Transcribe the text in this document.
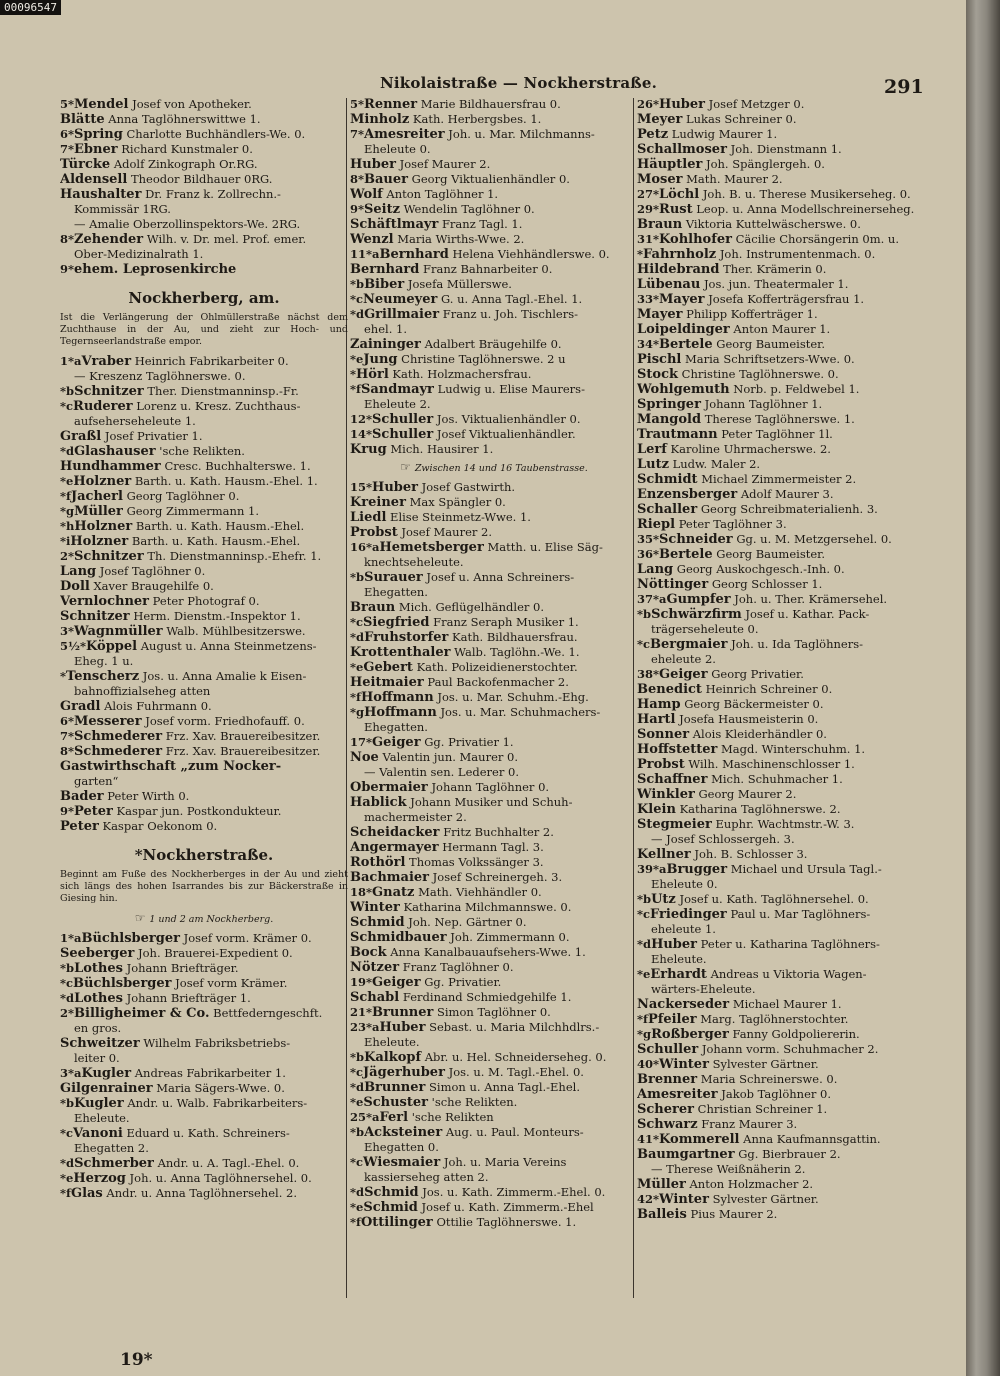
00096547
Nikolaistraße — Nockherstraße.	291
5*Mendel Josef von Apotheker.
Blätte Anna Taglöhnerswittwe 1.
6*Spring Charlotte Buchhändlers-We. 0.
7*Ebner Richard Kunstmaler 0.
Türcke Adolf Zinkograph Or.RG.
Aldensell Theodor Bildhauer 0RG.
Haushalter Dr. Franz k. Zollrechn.-
Kommissär 1RG.
— Amalie Oberzollinspektors-We. 2RG.
8*Zehender Wilh. v. Dr. mel. Prof. emer.
Ober-Medizinalrath 1.
9*ehem. Leprosenkirche
Nockherberg, am.
Ist die Verlängerung der Ohlmüllerstraße nächst dem Zuchthause in der Au, und zieht zur Hoch- und Tegernseerlandstraße empor.
1*aVraber Heinrich Fabrikarbeiter 0.
— Kreszenz Taglöhnerswe. 0.
*bSchnitzer Ther. Dienstmanninsp.-Fr.
*cRuderer Lorenz u. Kresz. Zuchthaus-
aufseherseheleute 1.
Graßl Josef Privatier 1.
*dGlashauser 'sche Relikten.
Hundhammer Cresc. Buchhalterswe. 1.
*eHolzner Barth. u. Kath. Hausm.-Ehel. 1.
*fJacherl Georg Taglöhner 0.
*gMüller Georg Zimmermann 1.
*hHolzner Barth. u. Kath. Hausm.-Ehel.
*iHolzner Barth. u. Kath. Hausm.-Ehel.
2*Schnitzer Th. Dienstmanninsp.-Ehefr. 1.
Lang Josef Taglöhner 0.
Doll Xaver Braugehilfe 0.
Vernlochner Peter Photograf 0.
Schnitzer Herm. Dienstm.-Inspektor 1.
3*Wagnmüller Walb. Mühlbesitzerswe.
5½*Köppel August u. Anna Steinmetzens-
Eheg. 1 u.
*Tenscherz Jos. u. Anna Amalie k Eisen-
bahnoffizialseheg atten
Gradl Alois Fuhrmann 0.
6*Messerer Josef vorm. Friedhofauff. 0.
7*Schmederer Frz. Xav. Brauereibesitzer.
8*Schmederer Frz. Xav. Brauereibesitzer.
Gastwirthschaft „zum Nocker-
garten“
Bader Peter Wirth 0.
9*Peter Kaspar jun. Postkondukteur.
Peter Kaspar Oekonom 0.
*Nockherstraße.
Beginnt am Fuße des Nockherberges in der Au und zieht sich längs des hohen Isarrandes bis zur Bäckerstraße in Giesing hin.
☞ 1 und 2 am Nockherberg.
1*aBüchlsberger Josef vorm. Krämer 0.
Seeberger Joh. Brauerei-Expedient 0.
*bLothes Johann Briefträger.
*cBüchlsberger Josef vorm Krämer.
*dLothes Johann Briefträger 1.
2*Billigheimer & Co. Bettfederngeschft.
en gros.
Schweitzer Wilhelm Fabriksbetriebs-
leiter 0.
3*aKugler Andreas Fabrikarbeiter 1.
Gilgenrainer Maria Sägers-Wwe. 0.
*bKugler Andr. u. Walb. Fabrikarbeiters-
Eheleute.
*cVanoni Eduard u. Kath. Schreiners-
Ehegatten 2.
*dSchmerber Andr. u. A. Tagl.-Ehel. 0.
*eHerzog Joh. u. Anna Taglöhnersehel. 0.
*fGlas Andr. u. Anna Taglöhnersehel. 2.
5*Renner Marie Bildhauersfrau 0.
Minholz Kath. Herbergsbes. 1.
7*Amesreiter Joh. u. Mar. Milchmanns-
Eheleute 0.
Huber Josef Maurer 2.
8*Bauer Georg Viktualienhändler 0.
Wolf Anton Taglöhner 1.
9*Seitz Wendelin Taglöhner 0.
Schäftlmayr Franz Tagl. 1.
Wenzl Maria Wirths-Wwe. 2.
11*aBernhard Helena Viehhändlerswe. 0.
Bernhard Franz Bahnarbeiter 0.
*bBiber Josefa Müllerswe.
*cNeumeyer G. u. Anna Tagl.-Ehel. 1.
*dGrillmaier Franz u. Joh. Tischlers-
ehel. 1.
Zaininger Adalbert Bräugehilfe 0.
*eJung Christine Taglöhnerswe. 2 u
*Hörl Kath. Holzmachersfrau.
*fSandmayr Ludwig u. Elise Maurers-
Eheleute 2.
12*Schuller Jos. Viktualienhändler 0.
14*Schuller Josef Viktualienhändler.
Krug Mich. Hausirer 1.
☞ Zwischen 14 und 16 Taubenstrasse.
15*Huber Josef Gastwirth.
Kreiner Max Spängler 0.
Liedl Elise Steinmetz-Wwe. 1.
Probst Josef Maurer 2.
16*aHemetsberger Matth. u. Elise Säg-
knechtseheleute.
*bSurauer Josef u. Anna Schreiners-
Ehegatten.
Braun Mich. Geflügelhändler 0.
*cSiegfried Franz Seraph Musiker 1.
*dFruhstorfer Kath. Bildhauersfrau.
Krottenthaler Walb. Taglöhn.-We. 1.
*eGebert Kath. Polizeidienerstochter.
Heitmaier Paul Backofenmacher 2.
*fHoffmann Jos. u. Mar. Schuhm.-Ehg.
*gHoffmann Jos. u. Mar. Schuhmachers-
Ehegatten.
17*Geiger Gg. Privatier 1.
Noe Valentin jun. Maurer 0.
— Valentin sen. Lederer 0.
Obermaier Johann Taglöhner 0.
Hablick Johann Musiker und Schuh-
machermeister 2.
Scheidacker Fritz Buchhalter 2.
Angermayer Hermann Tagl. 3.
Rothörl Thomas Volkssänger 3.
Bachmaier Josef Schreinergeh. 3.
18*Gnatz Math. Viehhändler 0.
Winter Katharina Milchmannswe. 0.
Schmid Joh. Nep. Gärtner 0.
Schmidbauer Joh. Zimmermann 0.
Bock Anna Kanalbauaufsehers-Wwe. 1.
Nötzer Franz Taglöhner 0.
19*Geiger Gg. Privatier.
Schabl Ferdinand Schmiedgehilfe 1.
21*Brunner Simon Taglöhner 0.
23*aHuber Sebast. u. Maria Milchhdlrs.-
Eheleute.
*bKalkopf Abr. u. Hel. Schneiderseheg. 0.
*cJägerhuber Jos. u. M. Tagl.-Ehel. 0.
*dBrunner Simon u. Anna Tagl.-Ehel.
*eSchuster 'sche Relikten.
25*aFerl 'sche Relikten
*bAcksteiner Aug. u. Paul. Monteurs-
Ehegatten 0.
*cWiesmaier Joh. u. Maria Vereins
kassierseheg atten 2.
*dSchmid Jos. u. Kath. Zimmerm.-Ehel. 0.
*eSchmid Josef u. Kath. Zimmerm.-Ehel
*fOttilinger Ottilie Taglöhnerswe. 1.
26*Huber Josef Metzger 0.
Meyer Lukas Schreiner 0.
Petz Ludwig Maurer 1.
Schallmoser Joh. Dienstmann 1.
Häuptler Joh. Spänglergeh. 0.
Moser Math. Maurer 2.
27*Löchl Joh. B. u. Therese Musikerseheg. 0.
29*Rust Leop. u. Anna Modellschreinerseheg.
Braun Viktoria Kuttelwäscherswe. 0.
31*Kohlhofer Cäcilie Chorsängerin 0m. u.
*Fahrnholz Joh. Instrumentenmach. 0.
Hildebrand Ther. Krämerin 0.
Lübenau Jos. jun. Theatermaler 1.
33*Mayer Josefa Kofferträgersfrau 1.
Mayer Philipp Kofferträger 1.
Loipeldinger Anton Maurer 1.
34*Bertele Georg Baumeister.
Pischl Maria Schriftsetzers-Wwe. 0.
Stock Christine Taglöhnerswe. 0.
Wohlgemuth Norb. p. Feldwebel 1.
Springer Johann Taglöhner 1.
Mangold Therese Taglöhnerswe. 1.
Trautmann Peter Taglöhner 1l.
Lerf Karoline Uhrmacherswe. 2.
Lutz Ludw. Maler 2.
Schmidt Michael Zimmermeister 2.
Enzensberger Adolf Maurer 3.
Schaller Georg Schreibmaterialienh. 3.
Riepl Peter Taglöhner 3.
35*Schneider Gg. u. M. Metzgersehel. 0.
36*Bertele Georg Baumeister.
Lang Georg Auskochgesch.-Inh. 0.
Nöttinger Georg Schlosser 1.
37*aGumpfer Joh. u. Ther. Krämersehel.
*bSchwärzfirm Josef u. Kathar. Pack-
trägerseheleute 0.
*cBergmaier Joh. u. Ida Taglöhners-
eheleute 2.
38*Geiger Georg Privatier.
Benedict Heinrich Schreiner 0.
Hamp Georg Bäckermeister 0.
Hartl Josefa Hausmeisterin 0.
Sonner Alois Kleiderhändler 0.
Hoffstetter Magd. Winterschuhm. 1.
Probst Wilh. Maschinenschlosser 1.
Schaffner Mich. Schuhmacher 1.
Winkler Georg Maurer 2.
Klein Katharina Taglöhnerswe. 2.
Stegmeier Euphr. Wachtmstr.-W. 3.
— Josef Schlossergeh. 3.
Kellner Joh. B. Schlosser 3.
39*aBrugger Michael und Ursula Tagl.-
Eheleute 0.
*bUtz Josef u. Kath. Taglöhnersehel. 0.
*cFriedinger Paul u. Mar Taglöhners-
eheleute 1.
*dHuber Peter u. Katharina Taglöhners-
Eheleute.
*eErhardt Andreas u Viktoria Wagen-
wärters-Eheleute.
Nackerseder Michael Maurer 1.
*fPfeiler Marg. Taglöhnerstochter.
*gRoßberger Fanny Goldpoliererin.
Schuller Johann vorm. Schuhmacher 2.
40*Winter Sylvester Gärtner.
Brenner Maria Schreinerswe. 0.
Amesreiter Jakob Taglöhner 0.
Scherer Christian Schreiner 1.
Schwarz Franz Maurer 3.
41*Kommerell Anna Kaufmannsgattin.
Baumgartner Gg. Bierbrauer 2.
— Therese Weißnäherin 2.
Müller Anton Holzmacher 2.
42*Winter Sylvester Gärtner.
Balleis Pius Maurer 2.
19*
